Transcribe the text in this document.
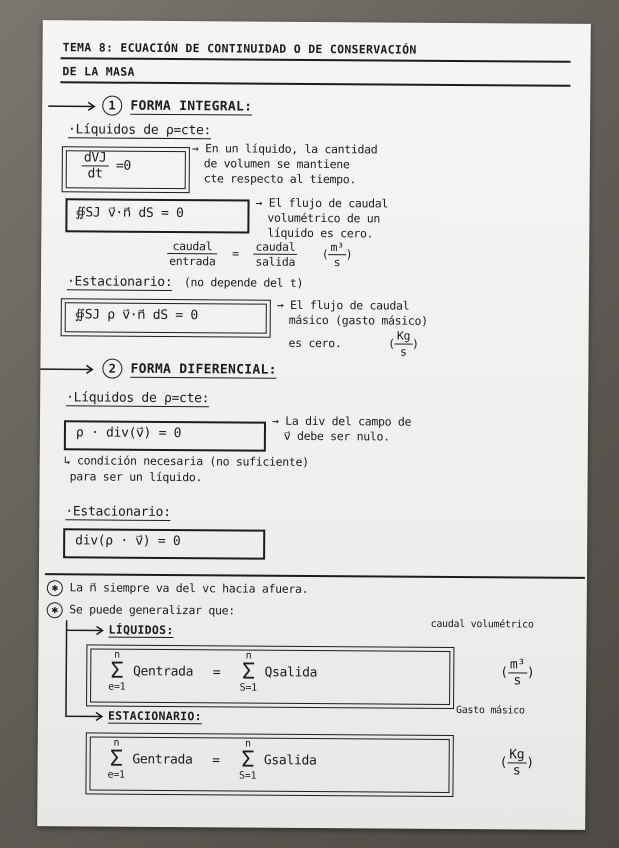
TEMA 8: ECUACIÓN DE CONTINUIDAD O DE CONSERVACIÓN
DE LA MASA
1 FORMA INTEGRAL:
·Líquidos de ρ=cte:
$\frac{\text{dVJ}}{dt} =0$
→ En un líquido, la cantidad
de volumen se mantiene
cte respecto al tiempo.
∯SJ v⃗·n⃗ dS = 0
→ El flujo de caudal
volumétrico de un
líquido es cero.
$\frac{\text{caudal}}{\text{entrada}} = \frac{\text{caudal}}{\text{salida}}$ ( $\frac{\text{m³}}{s}$ )
·Estacionario: (no depende del t)
∯SJ ρ v⃗·n⃗ dS = 0
→ El flujo de caudal
másico (gasto másico)
es cero.	( $\frac{Kg}{s}$ )
2 FORMA DIFERENCIAL:
·Líquidos de ρ=cte:
ρ · div(v⃗) = 0
→ La div del campo de
v⃗ debe ser nulo.
↳ condición necesaria (no suficiente)
para ser un líquido.
·Estacionario:
div(ρ · v⃗) = 0
✱ La n⃗ siempre va del vc hacia afuera.
✱ Se puede generalizar que:
LÍQUIDOS:	caudal volumétrico
n
Σ
e=1
Qentrada =
n
Σ
S=1
Qsalida	( $\frac{\text{m³}}{s}$ )
ESTACIONARIO:	Gasto másico
n
Σ
e=1
Gentrada =
n
Σ
S=1
Gsalida	( $\frac{Kg}{s}$ )
